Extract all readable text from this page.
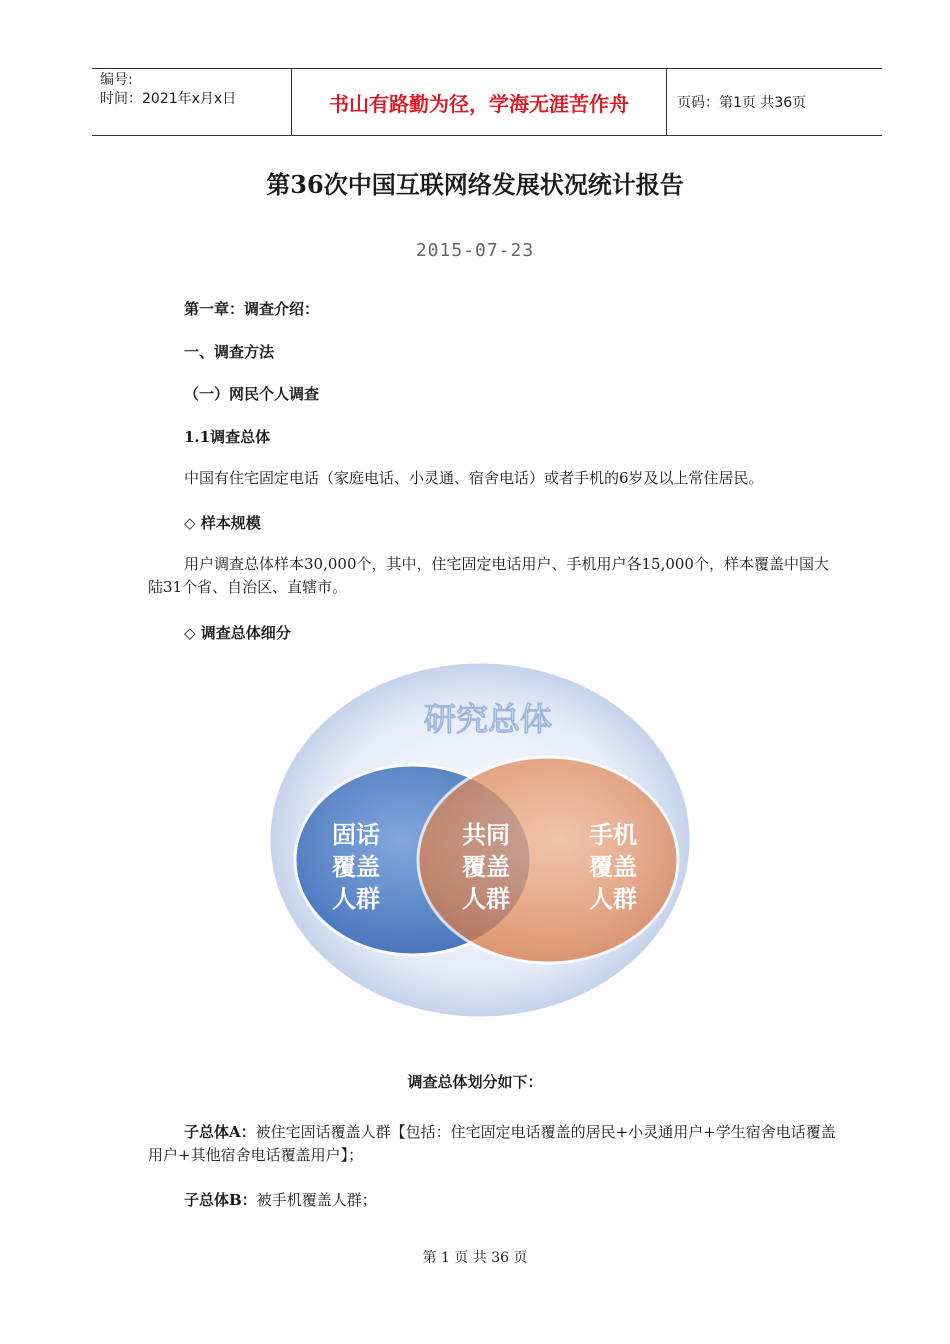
编号:
时间：2021年x月x日	书山有路勤为径，学海无涯苦作舟	页码：第1页 共36页
第36次中国互联网络发展状况统计报告
2015-07-23
第一章：调查介绍：
一、调查方法
（一）网民个人调查
1.1调查总体
中国有住宅固定电话（家庭电话、小灵通、宿舍电话）或者手机的6岁及以上常住居民。
◇ 样本规模
用户调查总体样本30,000个，其中，住宅固定电话用户、手机用户各15,000个，样本覆盖中国大陆31个省、自治区、直辖市。
◇ 调查总体细分
研究总体
固话
覆盖
人群
共同
覆盖
人群
手机
覆盖
人群
调查总体划分如下：
子总体A：被住宅固话覆盖人群【包括：住宅固定电话覆盖的居民+小灵通用户+学生宿舍电话覆盖用户+其他宿舍电话覆盖用户】；
子总体B：被手机覆盖人群；
第 1 页 共 36 页
